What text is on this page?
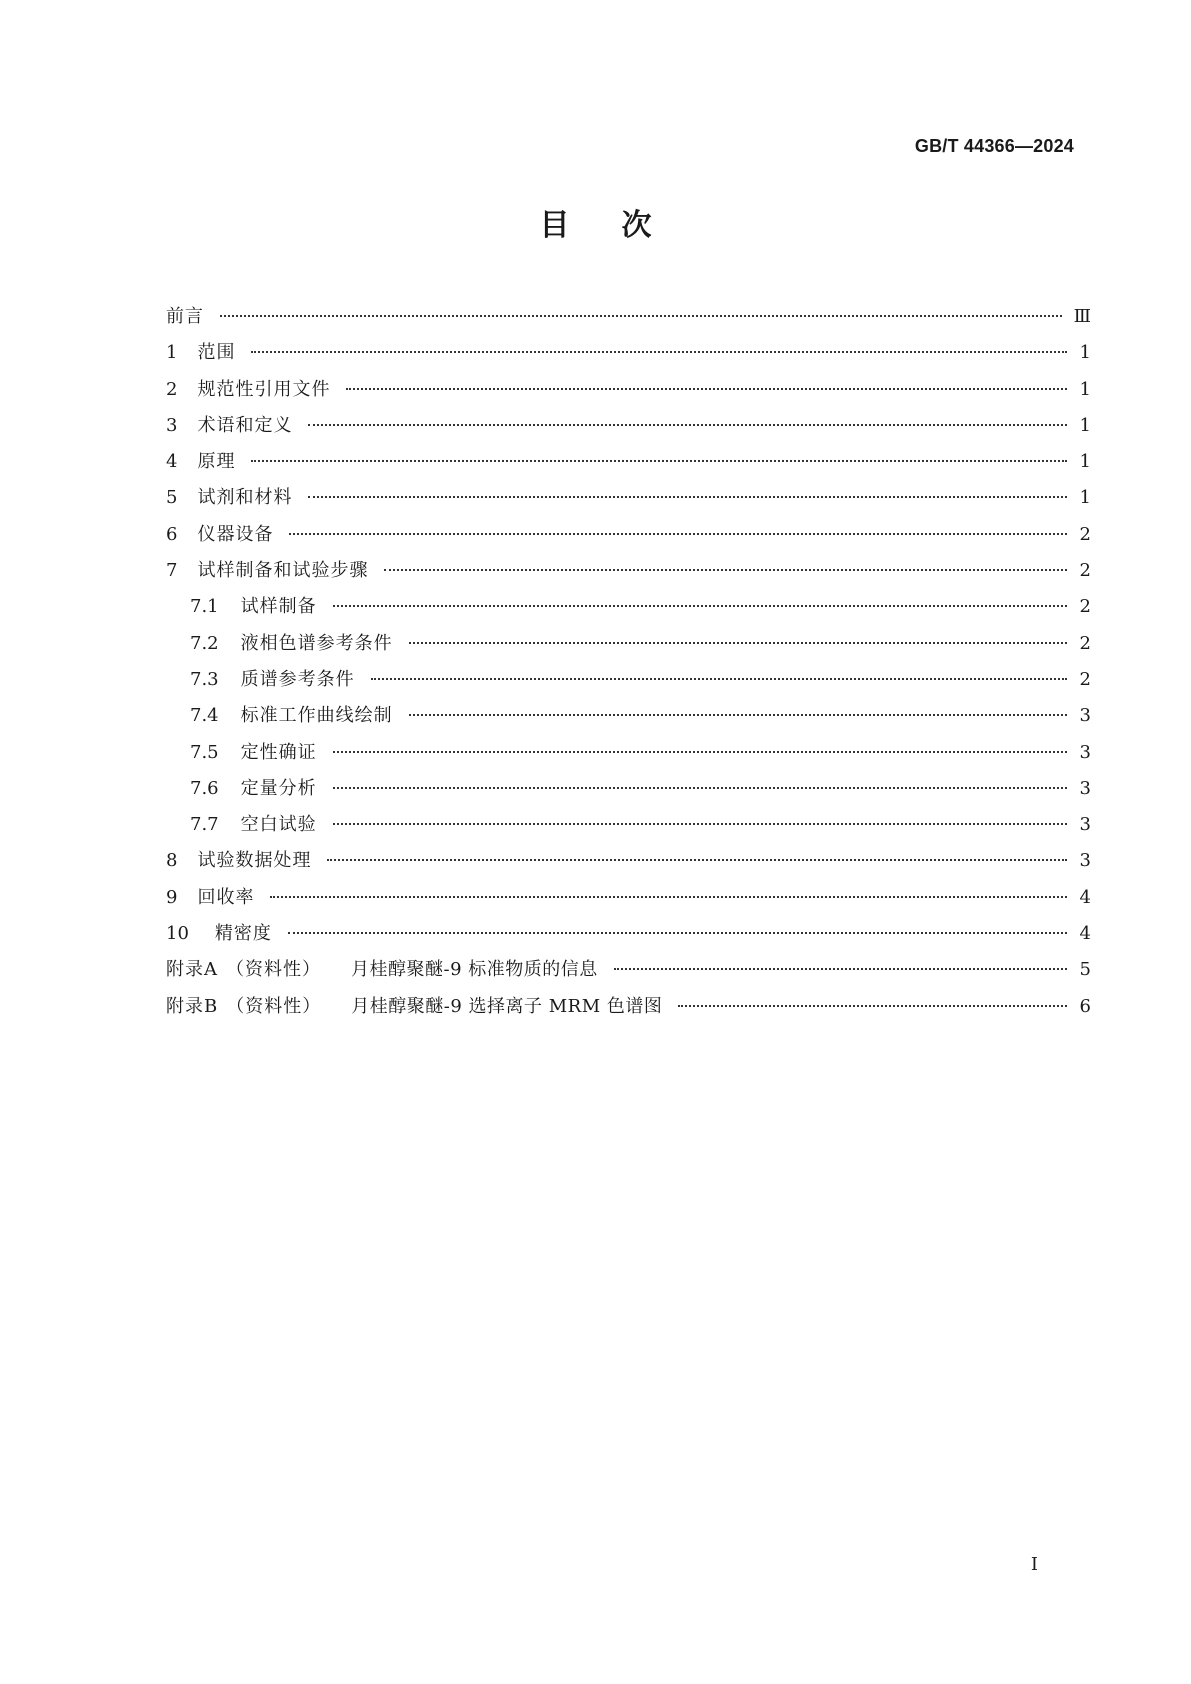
GB/T 44366—2024
目次
前言	Ⅲ
1 范围	1
2 规范性引用文件	1
3 术语和定义	1
4 原理	1
5 试剂和材料	1
6 仪器设备	2
7 试样制备和试验步骤	2
7.1 试样制备	2
7.2 液相色谱参考条件	2
7.3 质谱参考条件	2
7.4 标准工作曲线绘制	3
7.5 定性确证	3
7.6 定量分析	3
7.7 空白试验	3
8 试验数据处理	3
9 回收率	4
10 精密度	4
附录A （资料性） 月桂醇聚醚-9 标准物质的信息	5
附录B （资料性） 月桂醇聚醚-9 选择离子 MRM 色谱图	6
Ⅰ
